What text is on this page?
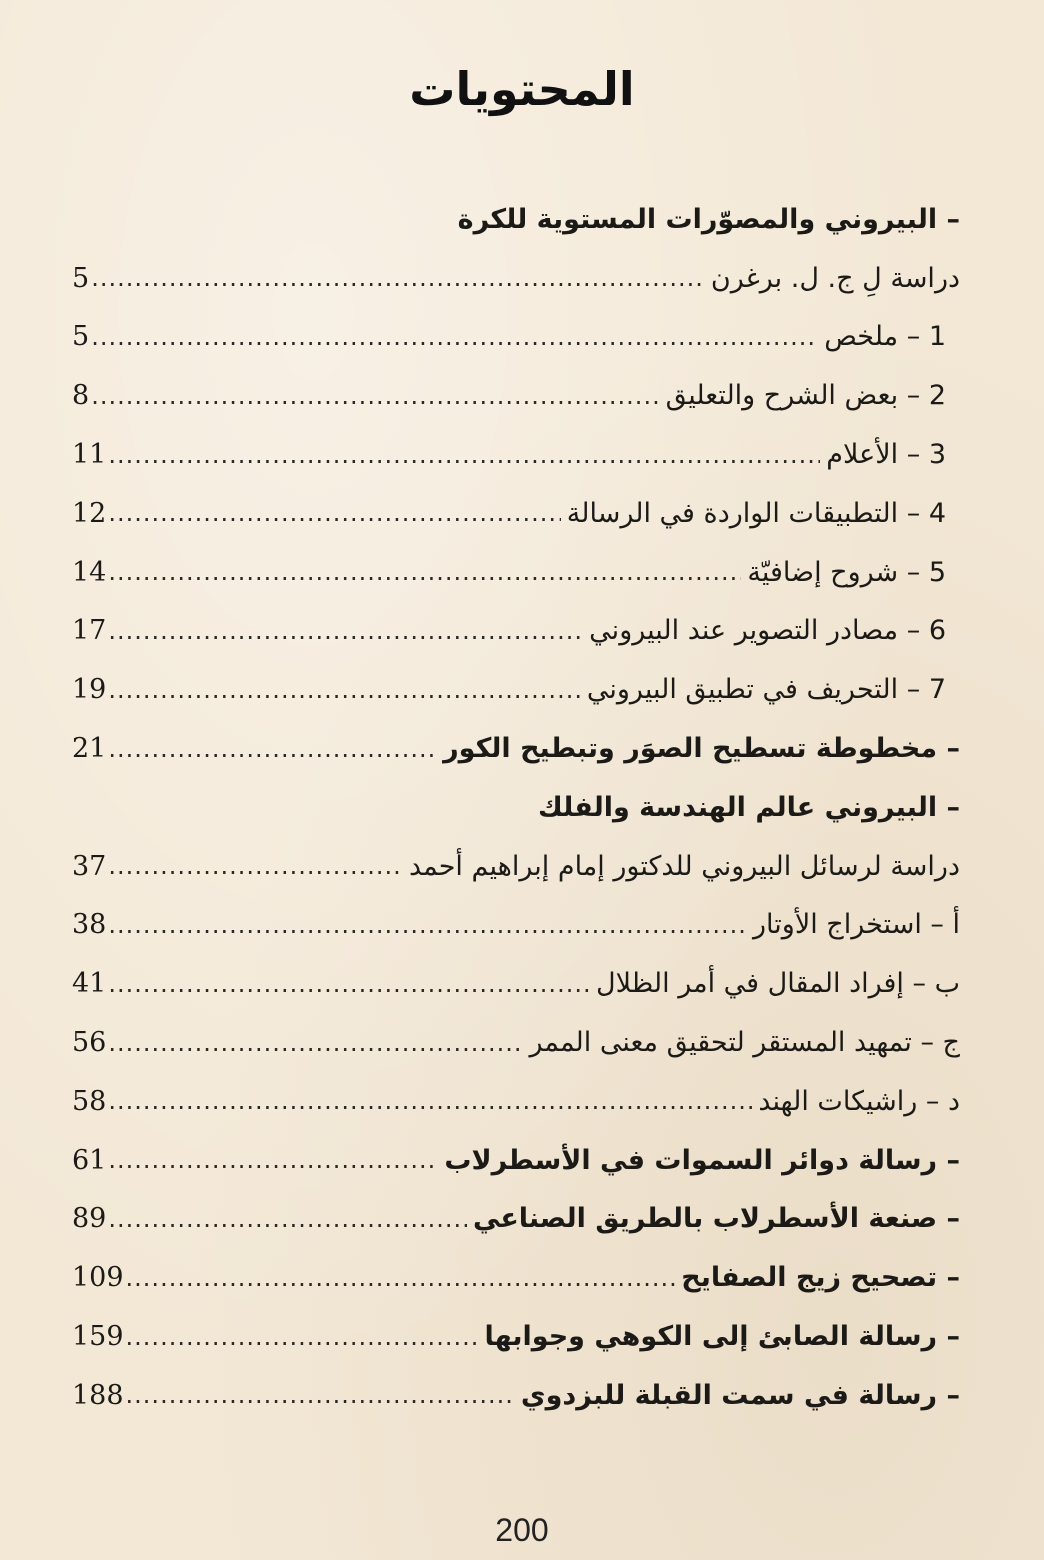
المحتويات
– البيروني والمصوّرات المستوية للكرة
دراسة لِ ج. ل. برغرن
.....
5
1 – ملخص
.....
5
2 – بعض الشرح والتعليق
.....
8
3 – الأعلام
.....
11
4 – التطبيقات الواردة في الرسالة
.....
12
5 – شروح إضافيّة
.....
14
6 – مصادر التصوير عند البيروني
.....
17
7 – التحريف في تطبيق البيروني
.....
19
– مخطوطة تسطيح الصوَر وتبطيح الكور
.....
21
– البيروني عالم الهندسة والفلك
دراسة لرسائل البيروني للدكتور إمام إبراهيم أحمد
.....
37
أ – استخراج الأوتار
.....
38
ب – إفراد المقال في أمر الظلال
.....
41
ج – تمهيد المستقر لتحقيق معنى الممر
.....
56
د – راشيكات الهند
.....
58
– رسالة دوائر السموات في الأسطرلاب
.....
61
– صنعة الأسطرلاب بالطريق الصناعي
.....
89
– تصحيح زيج الصفايح
.....
109
– رسالة الصابئ إلى الكوهي وجوابها
.....
159
– رسالة في سمت القبلة للبزدوي
.....
188
200
